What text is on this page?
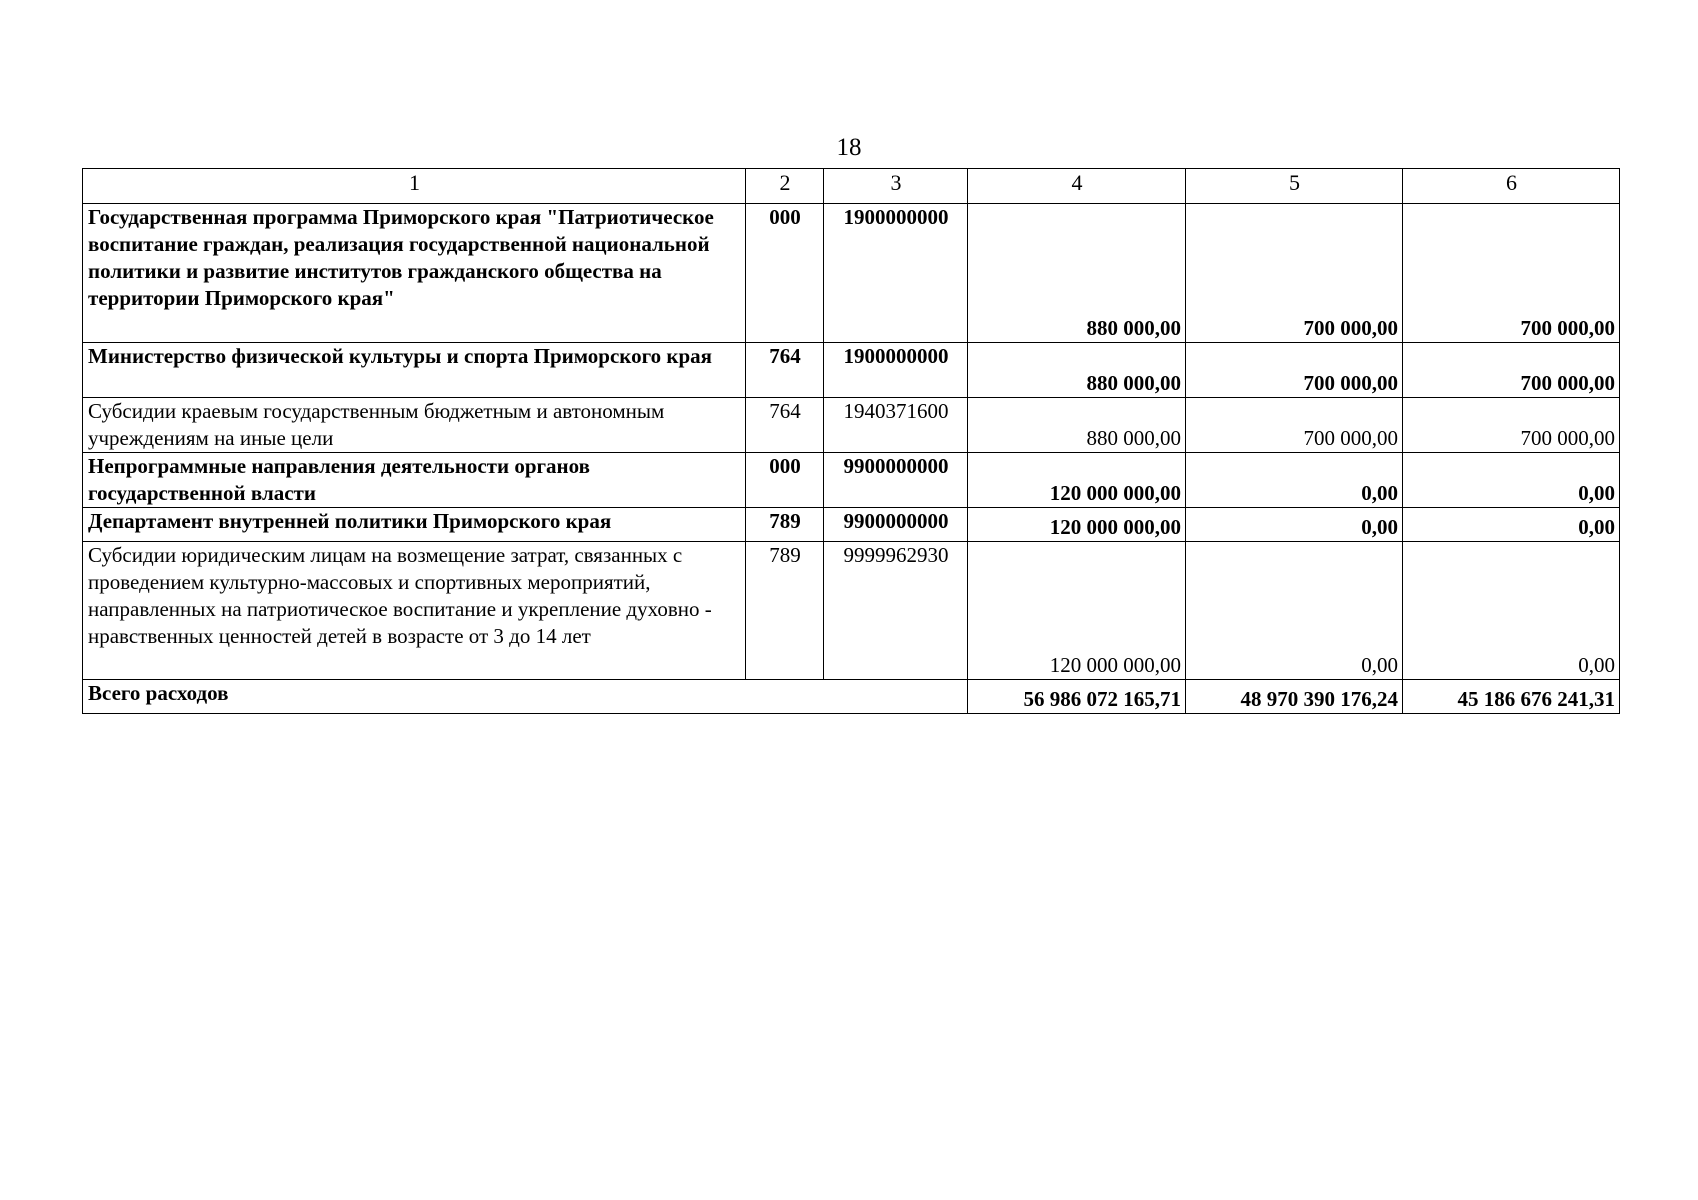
18
1	2	3	4	5	6
Государственная программа Приморского края "Патриотическое воспитание граждан, реализация государственной национальной политики и развитие институтов гражданского общества на территории Приморского края"	000	1900000000	880 000,00	700 000,00	700 000,00
Министерство физической культуры и спорта Приморского края	764	1900000000	880 000,00	700 000,00	700 000,00
Субсидии краевым государственным бюджетным и автономным учреждениям на иные цели	764	1940371600	880 000,00	700 000,00	700 000,00
Непрограммные направления деятельности органов государственной власти	000	9900000000	120 000 000,00	0,00	0,00
Департамент внутренней политики Приморского края	789	9900000000	120 000 000,00	0,00	0,00
Субсидии юридическим лицам на возмещение затрат, связанных с проведением культурно-массовых и спортивных мероприятий, направленных на патриотическое воспитание и укрепление духовно - нравственных ценностей детей в возрасте от 3 до 14 лет	789	9999962930	120 000 000,00	0,00	0,00
Всего расходов			56 986 072 165,71	48 970 390 176,24	45 186 676 241,31
